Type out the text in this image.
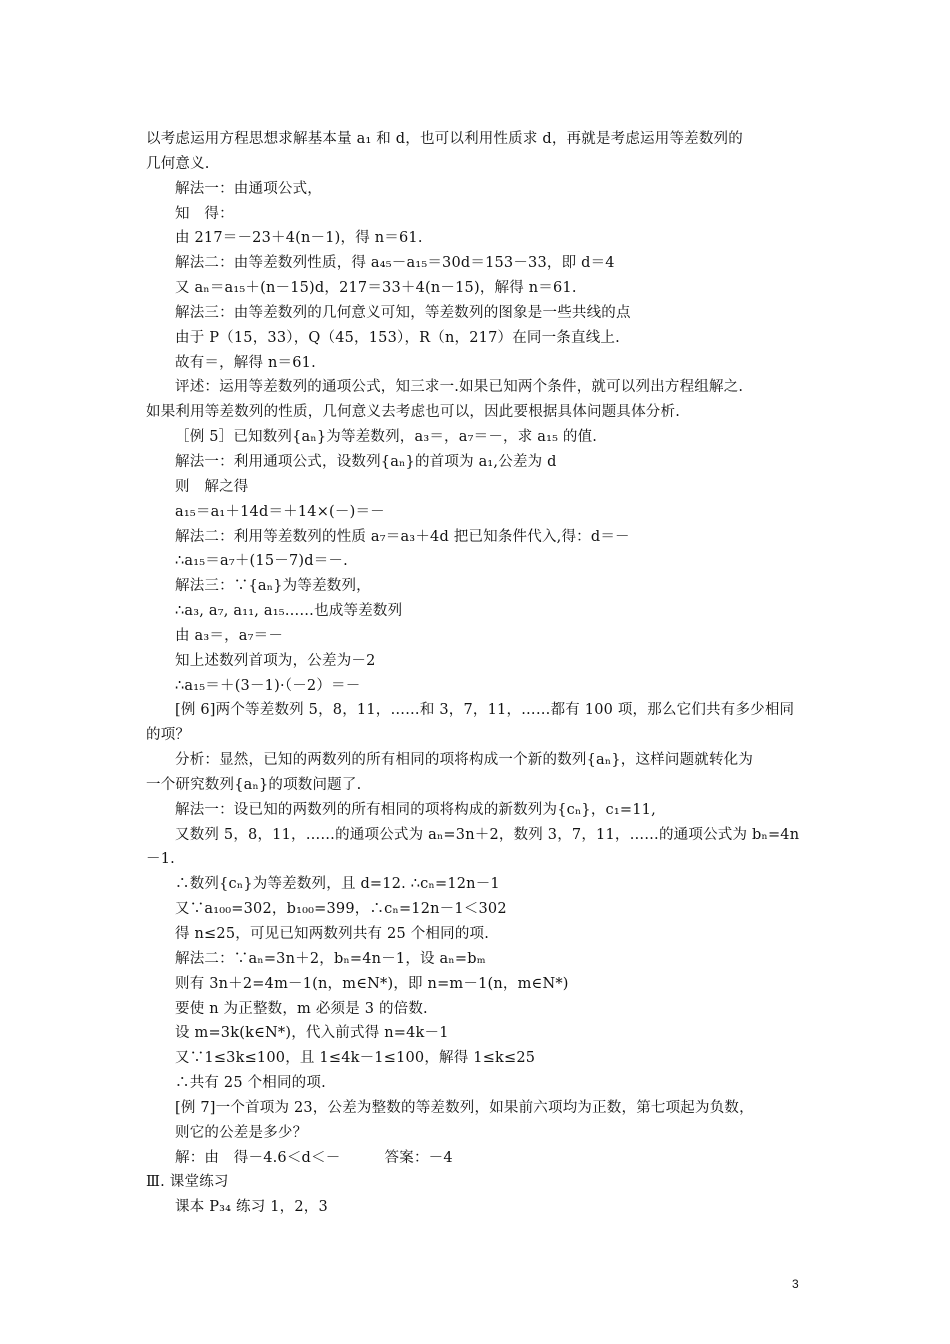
以考虑运用方程思想求解基本量 a₁ 和 d，也可以利用性质求 d，再就是考虑运用等差数列的
几何意义.
解法一：由通项公式，
知　得：
由 217＝－23＋4(n－1)，得 n＝61.
解法二：由等差数列性质，得 a₄₅－a₁₅＝30d＝153－33，即 d＝4
又 aₙ＝a₁₅＋(n－15)d，217＝33＋4(n－15)，解得 n＝61.
解法三：由等差数列的几何意义可知，等差数列的图象是一些共线的点
由于 P（15，33），Q（45，153），R（n，217）在同一条直线上.
故有＝，解得 n＝61.
评述：运用等差数列的通项公式，知三求一.如果已知两个条件，就可以列出方程组解之.
如果利用等差数列的性质，几何意义去考虑也可以，因此要根据具体问题具体分析.
［例 5］已知数列{aₙ}为等差数列，a₃＝，a₇＝－，求 a₁₅ 的值.
解法一：利用通项公式，设数列{aₙ}的首项为 a₁,公差为 d
则　解之得
a₁₅＝a₁＋14d＝＋14×(－)＝－
解法二：利用等差数列的性质 a₇＝a₃＋4d 把已知条件代入,得：d＝－
∴a₁₅＝a₇＋(15－7)d＝－.
解法三：∵{aₙ}为等差数列，
∴a₃, a₇, a₁₁, a₁₅……也成等差数列
由 a₃＝，a₇＝－
知上述数列首项为，公差为－2
∴a₁₅＝＋(3－1)·（－2）＝－
[例 6]两个等差数列 5，8，11，……和 3，7，11，……都有 100 项，那么它们共有多少相同
的项？
分析：显然，已知的两数列的所有相同的项将构成一个新的数列{aₙ}，这样问题就转化为
一个研究数列{aₙ}的项数问题了.
解法一：设已知的两数列的所有相同的项将构成的新数列为{cₙ}，c₁=11,
又数列 5，8，11，……的通项公式为 aₙ=3n＋2，数列 3，7，11，……的通项公式为 bₙ=4n
－1.
∴数列{cₙ}为等差数列，且 d=12. ∴cₙ=12n－1
又∵a₁₀₀=302，b₁₀₀=399，∴cₙ=12n－1＜302
得 n≤25，可见已知两数列共有 25 个相同的项.
解法二：∵aₙ=3n＋2，bₙ=4n－1，设 aₙ=bₘ
则有 3n＋2=4m－1(n，m∈N*)，即 n=m－1(n，m∈N*)
要使 n 为正整数，m 必须是 3 的倍数.
设 m=3k(k∈N*)，代入前式得 n=4k－1
又∵1≤3k≤100，且 1≤4k－1≤100，解得 1≤k≤25
∴共有 25 个相同的项.
[例 7]一个首项为 23，公差为整数的等差数列，如果前六项均为正数，第七项起为负数，
则它的公差是多少？
解：由　得－4.6＜d＜－　　　答案：－4
Ⅲ. 课堂练习
课本 P₃₄ 练习 1，2，3
3
